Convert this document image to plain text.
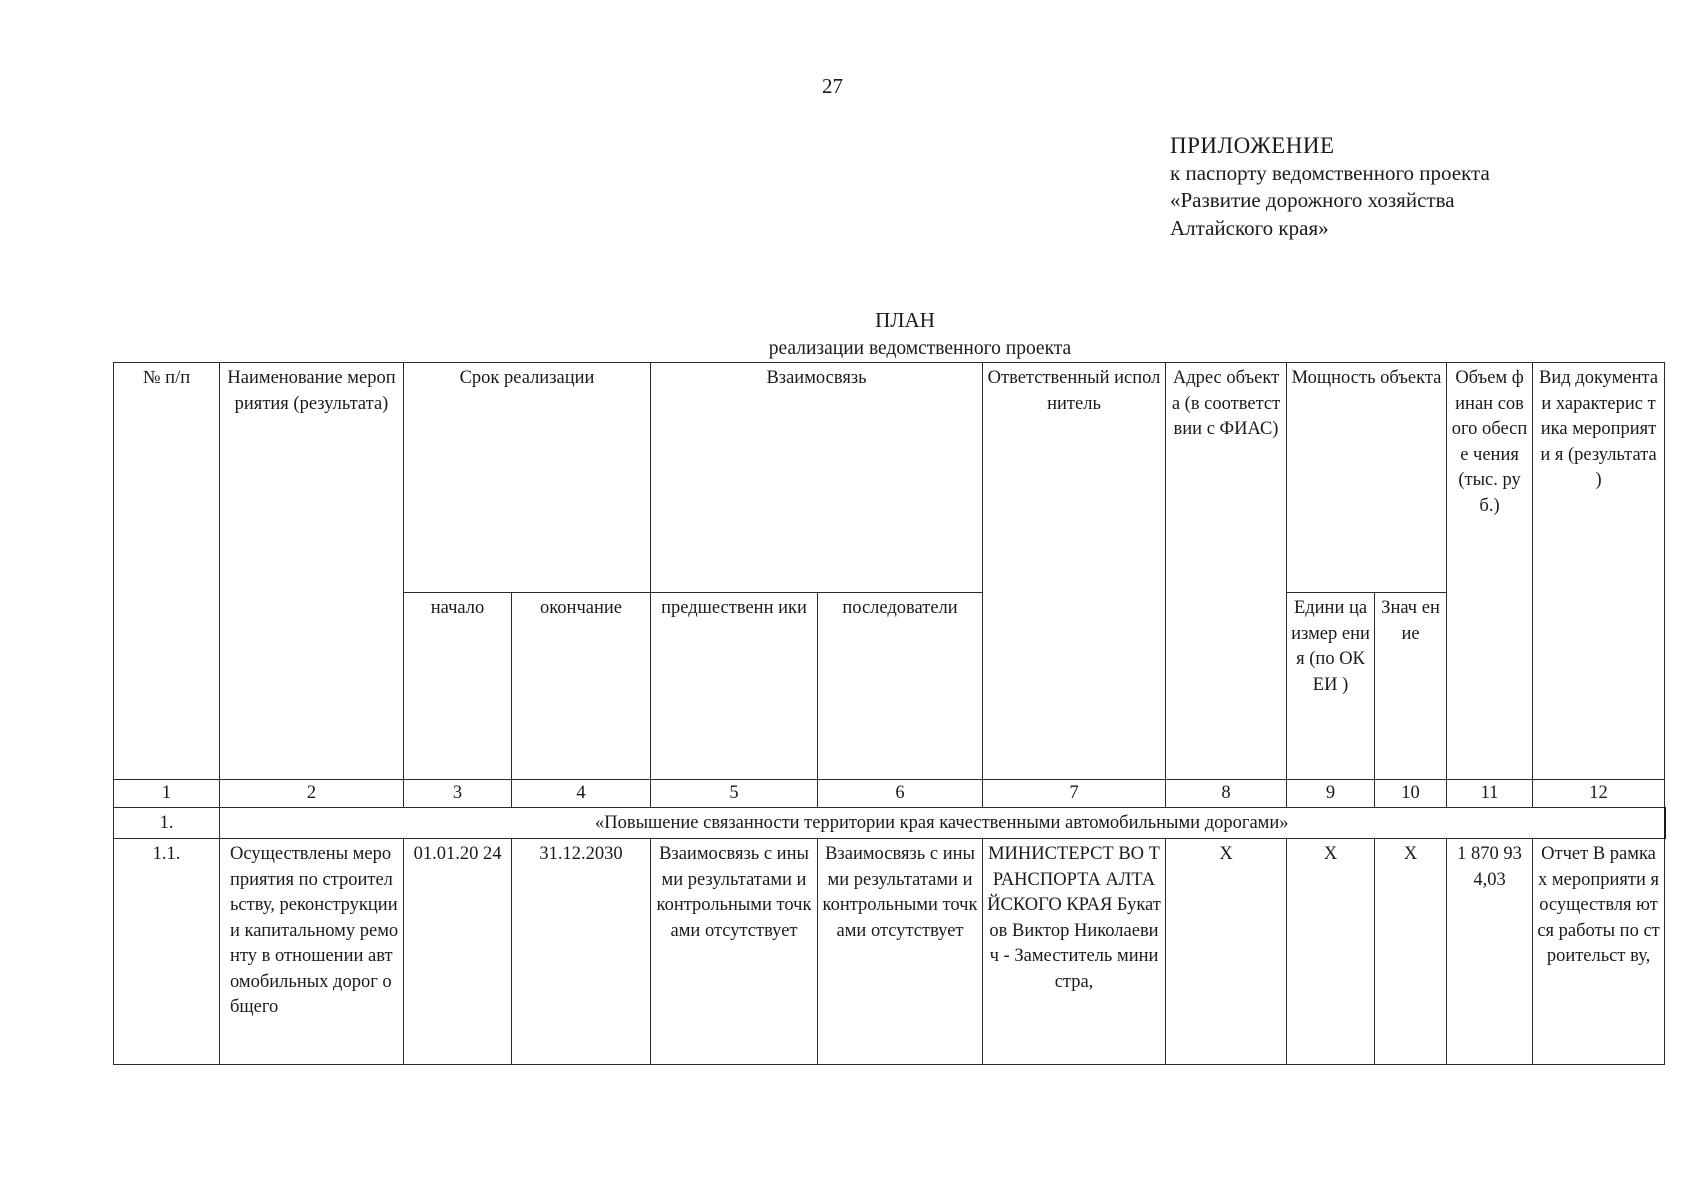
27
ПРИЛОЖЕНИЕ
к паспорту ведомственного проекта
«Развитие дорожного хозяйства
Алтайского края»
ПЛАН
реализации ведомственного проекта
№ п/п	Наименование мероприятия (результата)	Срок реализации		Взаимосвязь		Ответственный исполнитель	Адрес объекта (в соответст вии с ФИАС)	Мощность объекта		Объем финан сового обеспе чения (тыс. руб.)	Вид документа и характерис тика мероприяти я (результата )
		начало	окончание	предшественн ики	последователи			Едини ца измер ения (по ОКЕИ )	Знач ение		
1	2	3	4	5	6	7	8	9	10	11	12
1.	«Повышение связанности территории края качественными автомобильными дорогами»										
1.1.	Осуществлены мероприятия по строительству, реконструкции и капитальному ремонту в отношении автомобильных дорог общего	01.01.20 24	31.12.2030	Взаимосвязь с иными результатами и контрольными точками отсутствует	Взаимосвязь с иными результатами и контрольными точками отсутствует	МИНИСТЕРСТ ВО ТРАНСПОРТА АЛТАЙСКОГО КРАЯ Букатов Виктор Николаевич - Заместитель министра,	Х	Х	Х	1 870 934,03	Отчет В рамках мероприяти я осуществля ются работы по строительст ву,
